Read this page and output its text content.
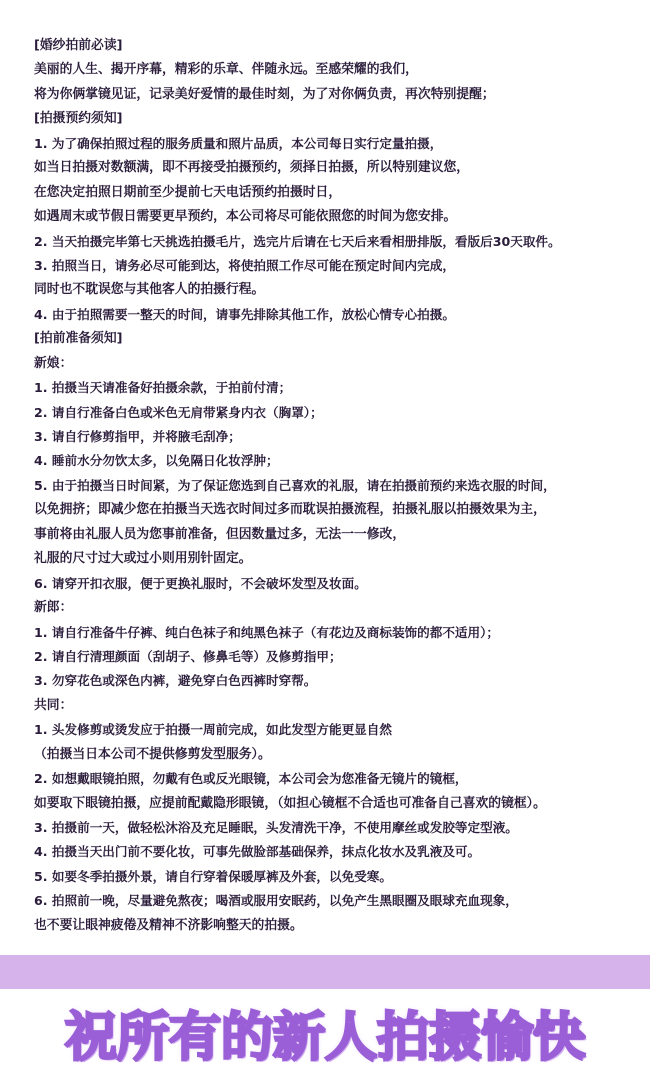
[婚纱拍前必读]
美丽的人生、揭开序幕，精彩的乐章、伴随永远。至感荣耀的我们，
将为你俩掌镜见证，记录美好爱情的最佳时刻，为了对你俩负责，再次特别提醒；
[拍摄预约须知]
1. 为了确保拍照过程的服务质量和照片品质，本公司每日实行定量拍摄，
如当日拍摄对数额满，即不再接受拍摄预约，须择日拍摄，所以特别建议您，
在您决定拍照日期前至少提前七天电话预约拍摄时日，
如遇周末或节假日需要更早预约，本公司将尽可能依照您的时间为您安排。
2. 当天拍摄完毕第七天挑选拍摄毛片，选完片后请在七天后来看相册排版，看版后30天取件。
3. 拍照当日，请务必尽可能到达，将使拍照工作尽可能在预定时间内完成，
同时也不耽误您与其他客人的拍摄行程。
4. 由于拍照需要一整天的时间，请事先排除其他工作，放松心情专心拍摄。
[拍前准备须知]
新娘：
1. 拍摄当天请准备好拍摄余款，于拍前付清；
2. 请自行准备白色或米色无肩带紧身内衣（胸罩）；
3. 请自行修剪指甲，并将腋毛刮净；
4. 睡前水分勿饮太多，以免隔日化妆浮肿；
5. 由于拍摄当日时间紧，为了保证您选到自己喜欢的礼服，请在拍摄前预约来选衣服的时间，
以免拥挤；即减少您在拍摄当天选衣时间过多而耽误拍摄流程，拍摄礼服以拍摄效果为主，
事前将由礼服人员为您事前准备，但因数量过多，无法一一修改，
礼服的尺寸过大或过小则用别针固定。
6. 请穿开扣衣服，便于更换礼服时，不会破坏发型及妆面。
新郎：
1. 请自行准备牛仔裤、纯白色袜子和纯黑色袜子（有花边及商标装饰的都不适用）；
2. 请自行清理颜面（刮胡子、修鼻毛等）及修剪指甲；
3. 勿穿花色或深色内裤，避免穿白色西裤时穿帮。
共同：
1. 头发修剪或烫发应于拍摄一周前完成，如此发型方能更显自然
（拍摄当日本公司不提供修剪发型服务）。
2. 如想戴眼镜拍照，勿戴有色或反光眼镜，本公司会为您准备无镜片的镜框，
如要取下眼镜拍摄，应提前配戴隐形眼镜，（如担心镜框不合适也可准备自己喜欢的镜框）。
3. 拍摄前一天，做轻松沐浴及充足睡眠，头发清洗干净，不使用摩丝或发胶等定型液。
4. 拍摄当天出门前不要化妆，可事先做脸部基础保养，抹点化妆水及乳液及可。
5. 如要冬季拍摄外景，请自行穿着保暖厚裤及外套，以免受寒。
6. 拍照前一晚，尽量避免熬夜；喝酒或服用安眠药，以免产生黑眼圈及眼球充血现象，
也不要让眼神疲倦及精神不济影响整天的拍摄。
祝所有的新人拍摄愉快
